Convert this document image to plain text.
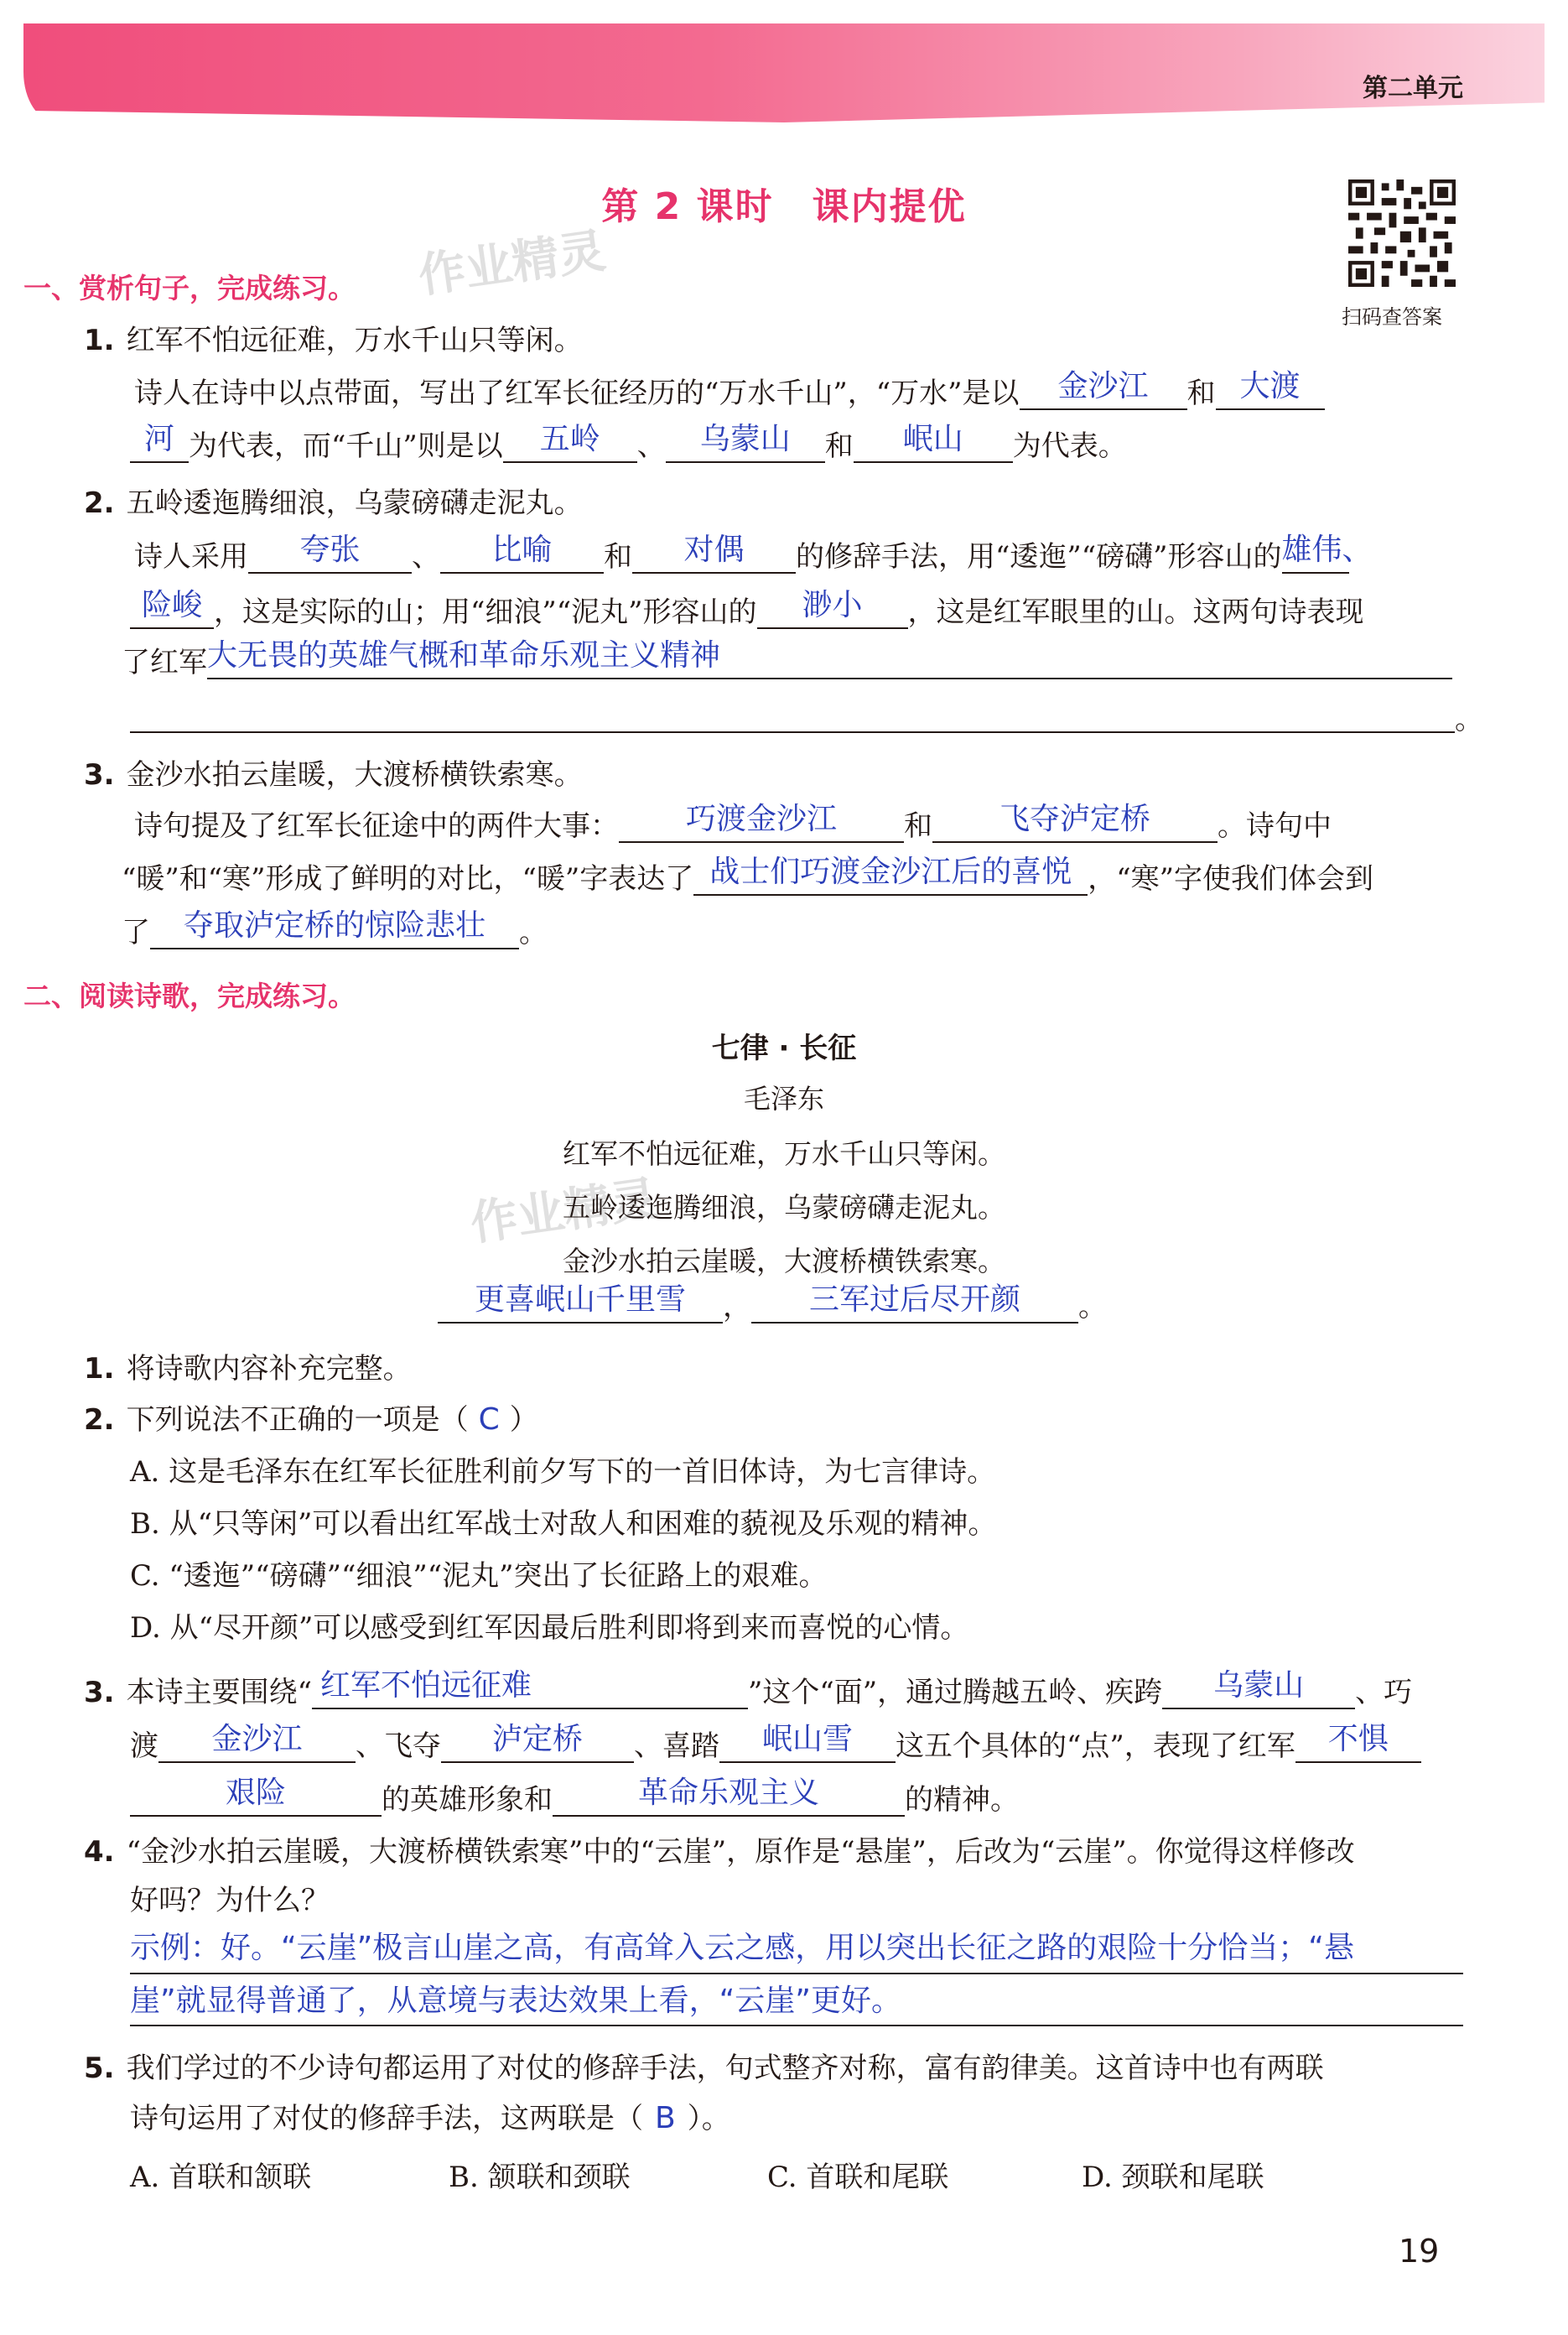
第二单元
第 2 课时　课内提优
作业精灵
作业精灵
扫码查答案
一、赏析句子，完成练习。
1. 红军不怕远征难，万水千山只等闲。
诗人在诗中以点带面，写出了红军长征经历的“万水千山”，“万水”是以	金沙江	和 大渡
河 为代表，而“千山”则是以	五岭	、	乌蒙山	和	岷山	为代表。
2. 五岭逶迤腾细浪，乌蒙磅礴走泥丸。
诗人采用	夸张	、	比喻	和	对偶	的修辞手法，用“逶迤”“磅礴”形容山的 雄伟、
险峻 ，这是实际的山；用“细浪”“泥丸”形容山的	渺小	，这是红军眼里的山。这两句诗表现
了红军 大无畏的英雄气概和革命乐观主义精神
。
3. 金沙水拍云崖暖，大渡桥横铁索寒。
诗句提及了红军长征途中的两件大事：	巧渡金沙江	和	飞夺泸定桥	。诗句中
“暖”和“寒”形成了鲜明的对比，“暖”字表达了 战士们巧渡金沙江后的喜悦 ，“寒”字使我们体会到
了	夺取泸定桥的惊险悲壮	。
二、阅读诗歌，完成练习。
七律 · 长征
毛泽东
红军不怕远征难，万水千山只等闲。
五岭逶迤腾细浪，乌蒙磅礴走泥丸。
金沙水拍云崖暖，大渡桥横铁索寒。
更喜岷山千里雪	，	三军过后尽开颜	。
1. 将诗歌内容补充完整。
2. 下列说法不正确的一项是（ C ）
A. 这是毛泽东在红军长征胜利前夕写下的一首旧体诗，为七言律诗。
B. 从“只等闲”可以看出红军战士对敌人和困难的藐视及乐观的精神。
C. “逶迤”“磅礴”“细浪”“泥丸”突出了长征路上的艰难。
D. 从“尽开颜”可以感受到红军因最后胜利即将到来而喜悦的心情。
3. 本诗主要围绕“ 红军不怕远征难	”这个“面”，通过腾越五岭、疾跨	乌蒙山	、巧
渡	金沙江	、飞夺	泸定桥	、喜踏	岷山雪	这五个具体的“点”，表现了红军	不惧
艰险	的英雄形象和	革命乐观主义	的精神。
4. “金沙水拍云崖暖，大渡桥横铁索寒”中的“云崖”，原作是“悬崖”，后改为“云崖”。你觉得这样修改
好吗？为什么？
示例：好。“云崖”极言山崖之高，有高耸入云之感，用以突出长征之路的艰险十分恰当；“悬
崖”就显得普通了，从意境与表达效果上看，“云崖”更好。
5. 我们学过的不少诗句都运用了对仗的修辞手法，句式整齐对称，富有韵律美。这首诗中也有两联
诗句运用了对仗的修辞手法，这两联是（ B ）。
A. 首联和颔联	B. 颔联和颈联	C. 首联和尾联	D. 颈联和尾联
19
